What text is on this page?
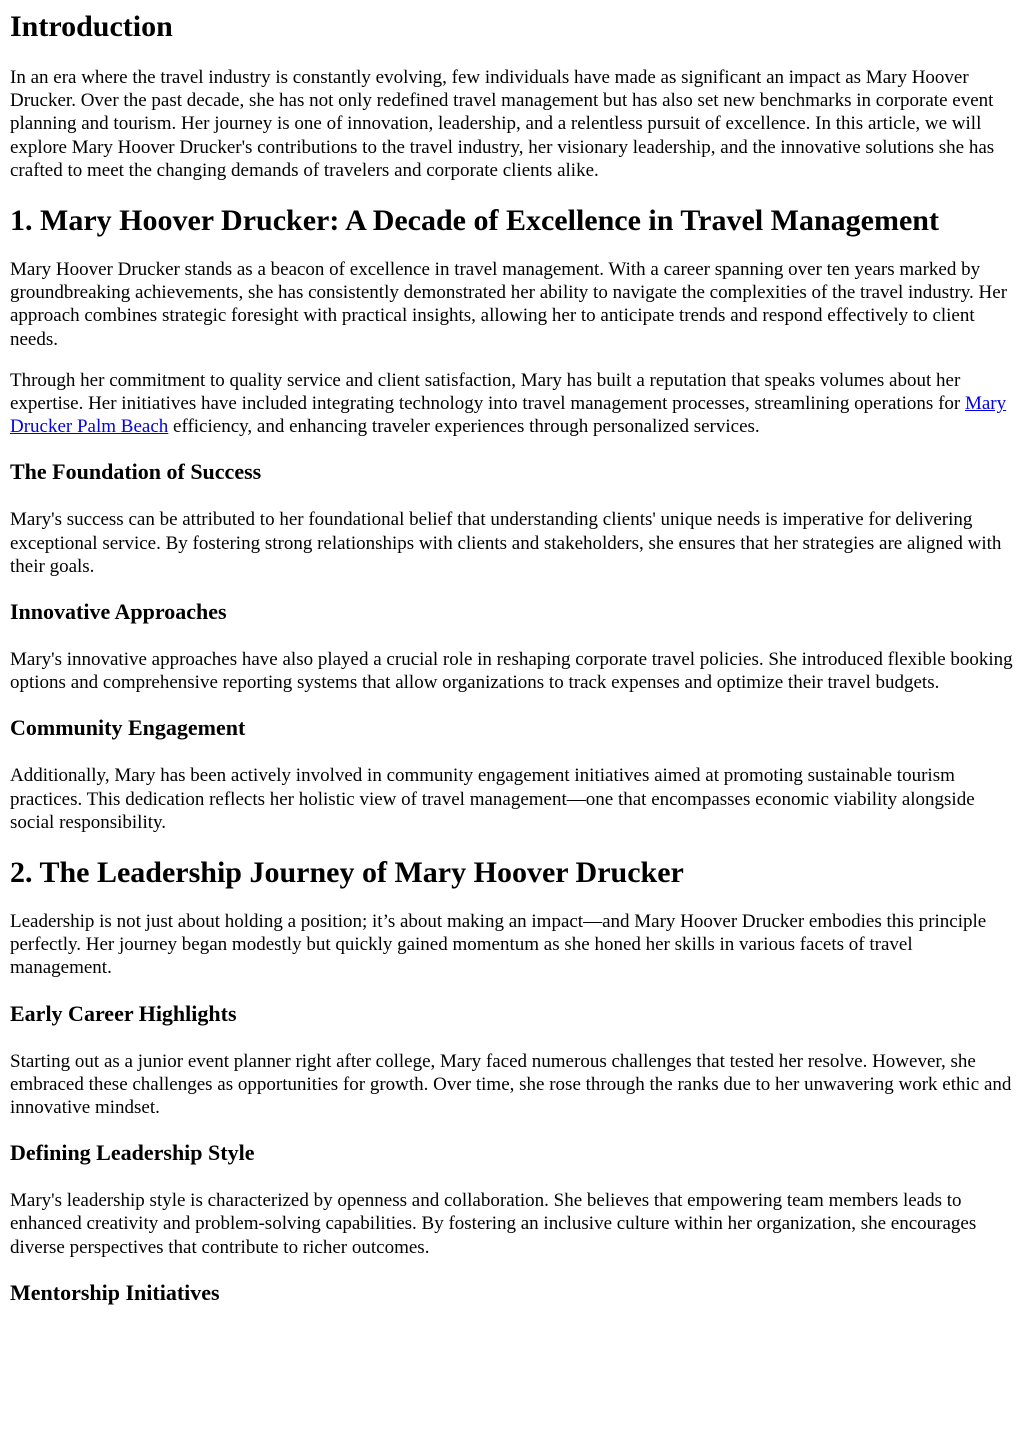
Introduction

In an era where the travel industry is constantly evolving, few individuals have made as significant an impact as Mary Hoover Drucker. Over the past decade, she has not only redefined travel management but has also set new benchmarks in corporate event planning and tourism. Her journey is one of innovation, leadership, and a relentless pursuit of excellence. In this article, we will explore Mary Hoover Drucker's contributions to the travel industry, her visionary leadership, and the innovative solutions she has crafted to meet the changing demands of travelers and corporate clients alike.

1. Mary Hoover Drucker: A Decade of Excellence in Travel Management

Mary Hoover Drucker stands as a beacon of excellence in travel management. With a career spanning over ten years marked by groundbreaking achievements, she has consistently demonstrated her ability to navigate the complexities of the travel industry. Her approach combines strategic foresight with practical insights, allowing her to anticipate trends and respond effectively to client needs.

Through her commitment to quality service and client satisfaction, Mary has built a reputation that speaks volumes about her expertise. Her initiatives have included integrating technology into travel management processes, streamlining operations for Mary Drucker Palm Beach efficiency, and enhancing traveler experiences through personalized services.

The Foundation of Success

Mary's success can be attributed to her foundational belief that understanding clients' unique needs is imperative for delivering exceptional service. By fostering strong relationships with clients and stakeholders, she ensures that her strategies are aligned with their goals.

Innovative Approaches

Mary's innovative approaches have also played a crucial role in reshaping corporate travel policies. She introduced flexible booking options and comprehensive reporting systems that allow organizations to track expenses and optimize their travel budgets.

Community Engagement

Additionally, Mary has been actively involved in community engagement initiatives aimed at promoting sustainable tourism practices. This dedication reflects her holistic view of travel management—one that encompasses economic viability alongside social responsibility.

2. The Leadership Journey of Mary Hoover Drucker

Leadership is not just about holding a position; it’s about making an impact—and Mary Hoover Drucker embodies this principle perfectly. Her journey began modestly but quickly gained momentum as she honed her skills in various facets of travel management.

Early Career Highlights

Starting out as a junior event planner right after college, Mary faced numerous challenges that tested her resolve. However, she embraced these challenges as opportunities for growth. Over time, she rose through the ranks due to her unwavering work ethic and innovative mindset.

Defining Leadership Style

Mary's leadership style is characterized by openness and collaboration. She believes that empowering team members leads to enhanced creativity and problem-solving capabilities. By fostering an inclusive culture within her organization, she encourages diverse perspectives that contribute to richer outcomes.

Mentorship Initiatives
